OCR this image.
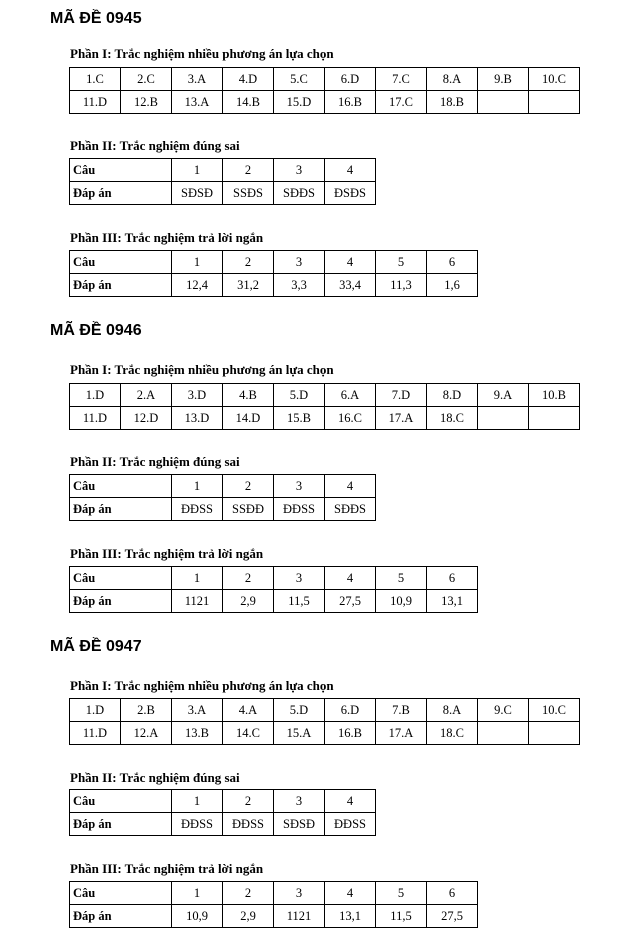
MÃ ĐỀ 0945

Phần I: Trắc nghiệm nhiều phương án lựa chọn

1.C	2.C	3.A	4.D	5.C	6.D	7.C	8.A	9.B	10.C
11.D	12.B	13.A	14.B	15.D	16.B	17.C	18.B		

Phần II: Trắc nghiệm đúng sai

Câu	1	2	3	4
Đáp án	SĐSĐ	SSĐS	SĐĐS	ĐSĐS

Phần III: Trắc nghiệm trả lời ngắn

Câu	1	2	3	4	5	6
Đáp án	12,4	31,2	3,3	33,4	11,3	1,6
MÃ ĐỀ 0946

Phần I: Trắc nghiệm nhiều phương án lựa chọn

1.D	2.A	3.D	4.B	5.D	6.A	7.D	8.D	9.A	10.B
11.D	12.D	13.D	14.D	15.B	16.C	17.A	18.C		

Phần II: Trắc nghiệm đúng sai

Câu	1	2	3	4
Đáp án	ĐĐSS	SSĐĐ	ĐĐSS	SĐĐS

Phần III: Trắc nghiệm trả lời ngắn

Câu	1	2	3	4	5	6
Đáp án	1121	2,9	11,5	27,5	10,9	13,1
MÃ ĐỀ 0947

Phần I: Trắc nghiệm nhiều phương án lựa chọn

1.D	2.B	3.A	4.A	5.D	6.D	7.B	8.A	9.C	10.C
11.D	12.A	13.B	14.C	15.A	16.B	17.A	18.C		

Phần II: Trắc nghiệm đúng sai

Câu	1	2	3	4
Đáp án	ĐĐSS	ĐĐSS	SĐSĐ	ĐĐSS

Phần III: Trắc nghiệm trả lời ngắn

Câu	1	2	3	4	5	6
Đáp án	10,9	2,9	1121	13,1	11,5	27,5
